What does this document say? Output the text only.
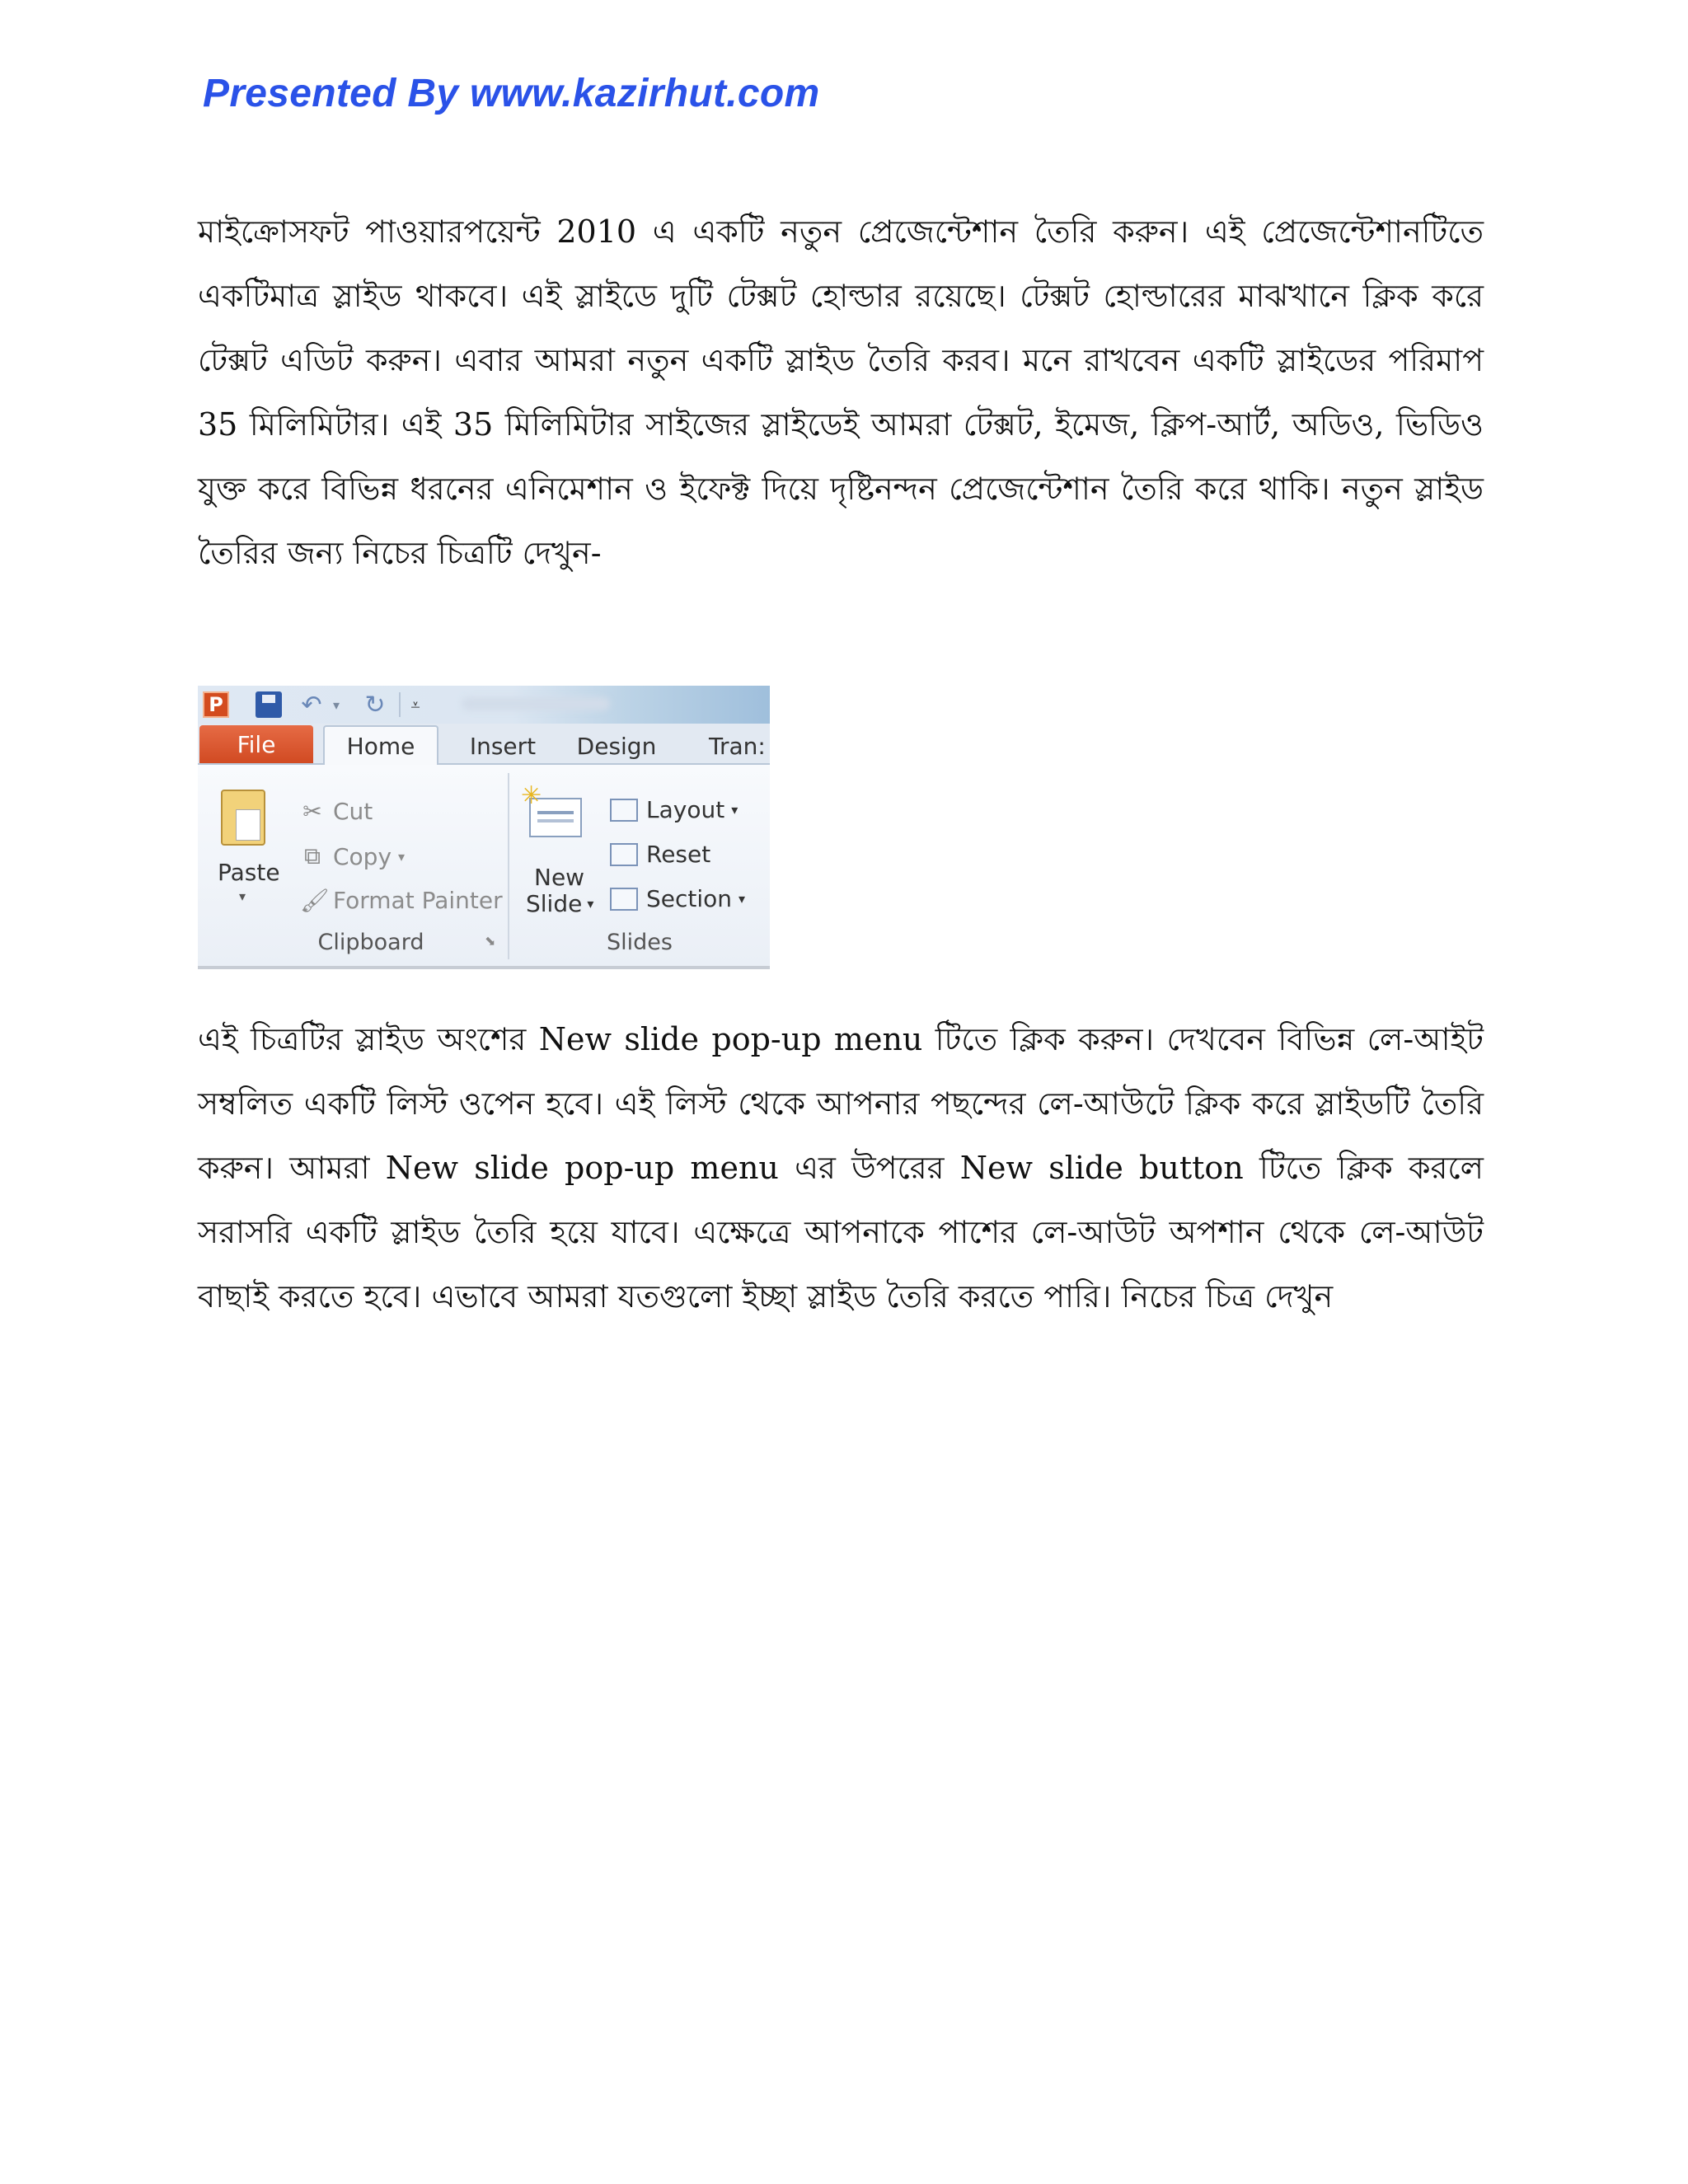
Presented By www.kazirhut.com
মাইক্রোসফট পাওয়ারপয়েন্ট 2010 এ একটি নতুন প্রেজেন্টেশান তৈরি করুন। এই প্রেজেন্টেশানটিতে একটিমাত্র স্লাইড থাকবে। এই স্লাইডে দুটি টেক্সট হোল্ডার রয়েছে। টেক্সট হোল্ডারের মাঝখানে ক্লিক করে টেক্সট এডিট করুন। এবার আমরা নতুন একটি স্লাইড তৈরি করব। মনে রাখবেন একটি স্লাইডের পরিমাপ 35 মিলিমিটার। এই 35 মিলিমিটার সাইজের স্লাইডেই আমরা টেক্সট, ইমেজ, ক্লিপ-আর্ট, অডিও, ভিডিও যুক্ত করে বিভিন্ন ধরনের এনিমেশান ও ইফেক্ট দিয়ে দৃষ্টিনন্দন প্রেজেন্টেশান তৈরি করে থাকি। নতুন স্লাইড তৈরির জন্য নিচের চিত্রটি দেখুন-
P	↶ ▾ ↻	⩡
File	Home	Insert	Design	Tran:
Paste
▾
✂ Cut
⧉ Copy ▾
🖌 Format Painter
Clipboard	⬊
✳
New
Slide ▾
Layout ▾
Reset
Section ▾
Slides
এই চিত্রটির স্লাইড অংশের New slide pop-up menu টিতে ক্লিক করুন। দেখবেন বিভিন্ন লে-আইট সম্বলিত একটি লিস্ট ওপেন হবে। এই লিস্ট থেকে আপনার পছন্দের লে-আউটে ক্লিক করে স্লাইডটি তৈরি করুন। আমরা New slide pop-up menu এর উপরের New slide button টিতে ক্লিক করলে সরাসরি একটি স্লাইড তৈরি হয়ে যাবে। এক্ষেত্রে আপনাকে পাশের লে-আউট অপশান থেকে লে-আউট বাছাই করতে হবে। এভাবে আমরা যতগুলো ইচ্ছা স্লাইড তৈরি করতে পারি। নিচের চিত্র দেখুন
